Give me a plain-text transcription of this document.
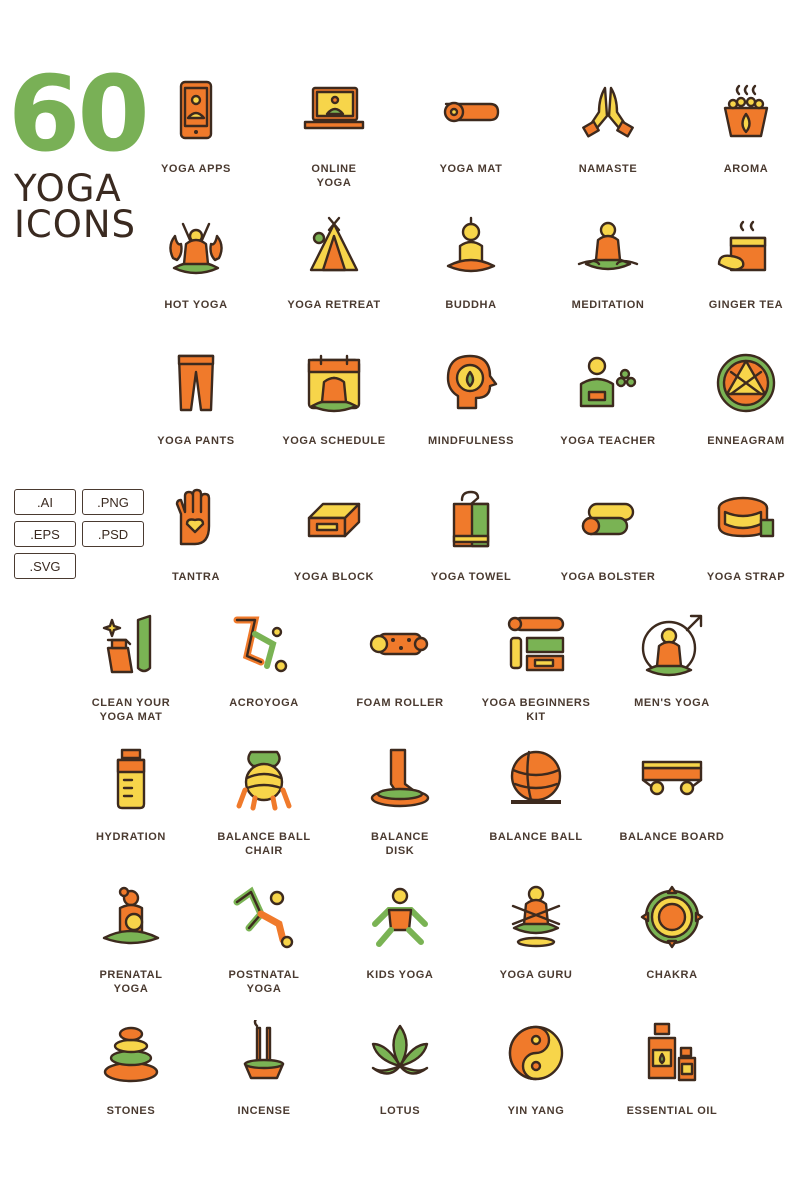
60
YOGA
ICONS
.AI	.PNG
.EPS	.PSD
.SVG
YOGA APPS	ONLINE
YOGA
YOGA MAT	NAMASTE	AROMA
HOT YOGA	YOGA RETREAT	BUDDHA	MEDITATION	GINGER TEA
YOGA PANTS	YOGA SCHEDULE	MINDFULNESS	YOGA TEACHER	ENNEAGRAM
TANTRA	YOGA BLOCK	YOGA TOWEL	YOGA BOLSTER	YOGA STRAP
CLEAN YOUR
YOGA MAT
ACROYOGA	FOAM ROLLER	YOGA BEGINNERS
KIT
MEN'S YOGA
HYDRATION	BALANCE BALL
CHAIR
BALANCE
DISK
BALANCE BALL	BALANCE BOARD
PRENATAL
YOGA
POSTNATAL
YOGA
KIDS YOGA	YOGA GURU	CHAKRA
STONES	INCENSE	LOTUS	YIN YANG	ESSENTIAL OIL
